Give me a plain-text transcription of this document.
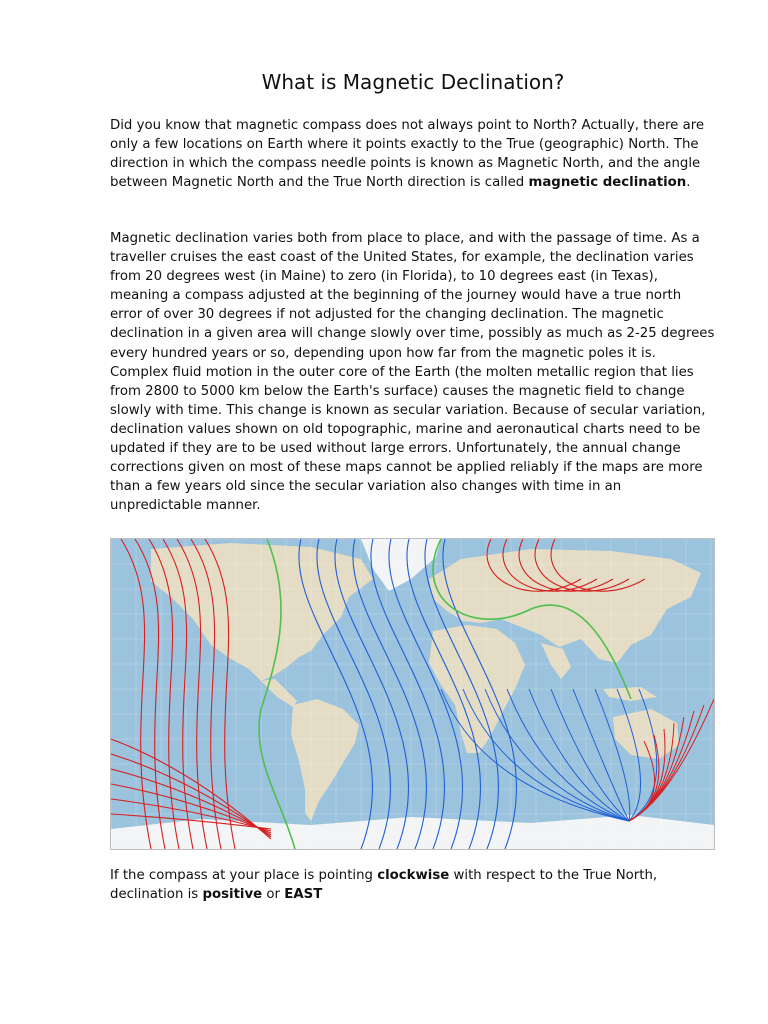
What is Magnetic Declination?

Did you know that magnetic compass does not always point to North? Actually, there are only a few locations on Earth where it points exactly to the True (geographic) North. The direction in which the compass needle points is known as Magnetic North, and the angle between Magnetic North and the True North direction is called magnetic declination.

Magnetic declination varies both from place to place, and with the passage of time. As a traveller cruises the east coast of the United States, for example, the declination varies from 20 degrees west (in Maine) to zero (in Florida), to 10 degrees east (in Texas), meaning a compass adjusted at the beginning of the journey would have a true north error of over 30 degrees if not adjusted for the changing declination. The magnetic declination in a given area will change slowly over time, possibly as much as 2-25 degrees every hundred years or so, depending upon how far from the magnetic poles it is. Complex fluid motion in the outer core of the Earth (the molten metallic region that lies from 2800 to 5000 km below the Earth's surface) causes the magnetic field to change slowly with time. This change is known as secular variation. Because of secular variation, declination values shown on old topographic, marine and aeronautical charts need to be updated if they are to be used without large errors. Unfortunately, the annual change corrections given on most of these maps cannot be applied reliably if the maps are more than a few years old since the secular variation also changes with time in an unpredictable manner.

If the compass at your place is pointing clockwise with respect to the True North, declination is positive or EAST
